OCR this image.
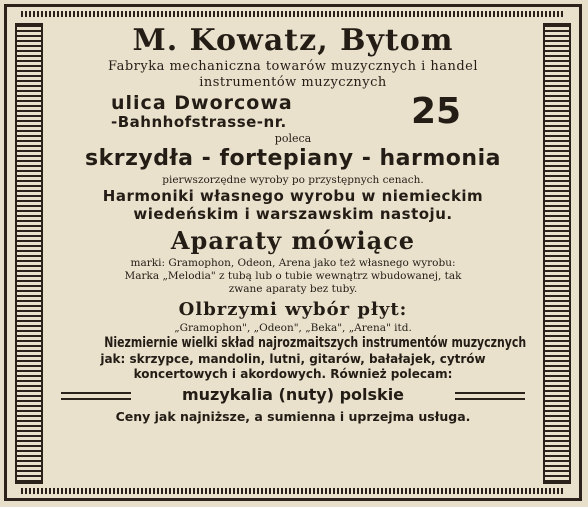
M. Kowatz, Bytom

Fabryka mechaniczna towarów muzycznych i handel

instrumentów muzycznych

ulica Dworcowa
-Bahnhofstrasse-nr.	25

poleca

skrzydła - fortepiany - harmonia

pierwszorzędne wyroby po przystępnych cenach.

Harmoniki własnego wyrobu w niemieckim

wiedeńskim i warszawskim nastoju.

Aparaty mówiące

marki: Gramophon, Odeon, Arena jako też własnego wyrobu:

Marka „Melodia" z tubą lub o tubie wewnątrz wbudowanej, tak

zwane aparaty bez tuby.

Olbrzymi wybór płyt:

„Gramophon", „Odeon", „Beka", „Arena" itd.

Niezmiernie wielki skład najrozmaitszych instrumentów muzycznych

jak: skrzypce, mandolin, lutni, gitarów, bałałajek, cytrów

koncertowych i akordowych. Również polecam:

muzykalia (nuty) polskie

Ceny jak najniższe, a sumienna i uprzejma usługa.
